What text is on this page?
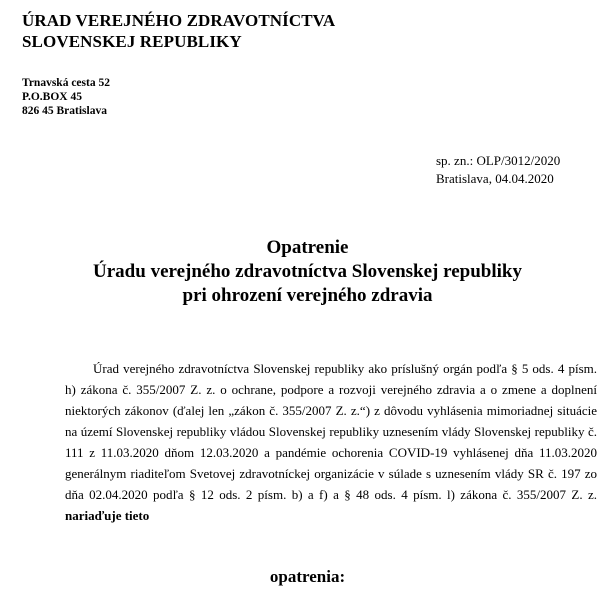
ÚRAD VEREJNÉHO ZDRAVOTNÍCTVA
SLOVENSKEJ REPUBLIKY
Trnavská cesta 52
P.O.BOX 45
826 45 Bratislava
sp. zn.: OLP/3012/2020
Bratislava, 04.04.2020
Opatrenie
Úradu verejného zdravotníctva Slovenskej republiky
pri ohrození verejného zdravia
Úrad verejného zdravotníctva Slovenskej republiky ako príslušný orgán podľa § 5 ods. 4 písm. h) zákona č. 355/2007 Z. z. o ochrane, podpore a rozvoji verejného zdravia a o zmene a doplnení niektorých zákonov (ďalej len „zákon č. 355/2007 Z. z.“) z dôvodu vyhlásenia mimoriadnej situácie na území Slovenskej republiky vládou Slovenskej republiky uznesením vlády Slovenskej republiky č. 111 z 11.03.2020 dňom 12.03.2020 a pandémie ochorenia COVID-19 vyhlásenej dňa 11.03.2020 generálnym riaditeľom Svetovej zdravotníckej organizácie v súlade s uznesením vlády SR č. 197 zo dňa 02.04.2020 podľa § 12 ods. 2 písm. b) a f) a § 48 ods. 4 písm. l) zákona č. 355/2007 Z. z. nariaďuje tieto
opatrenia:
